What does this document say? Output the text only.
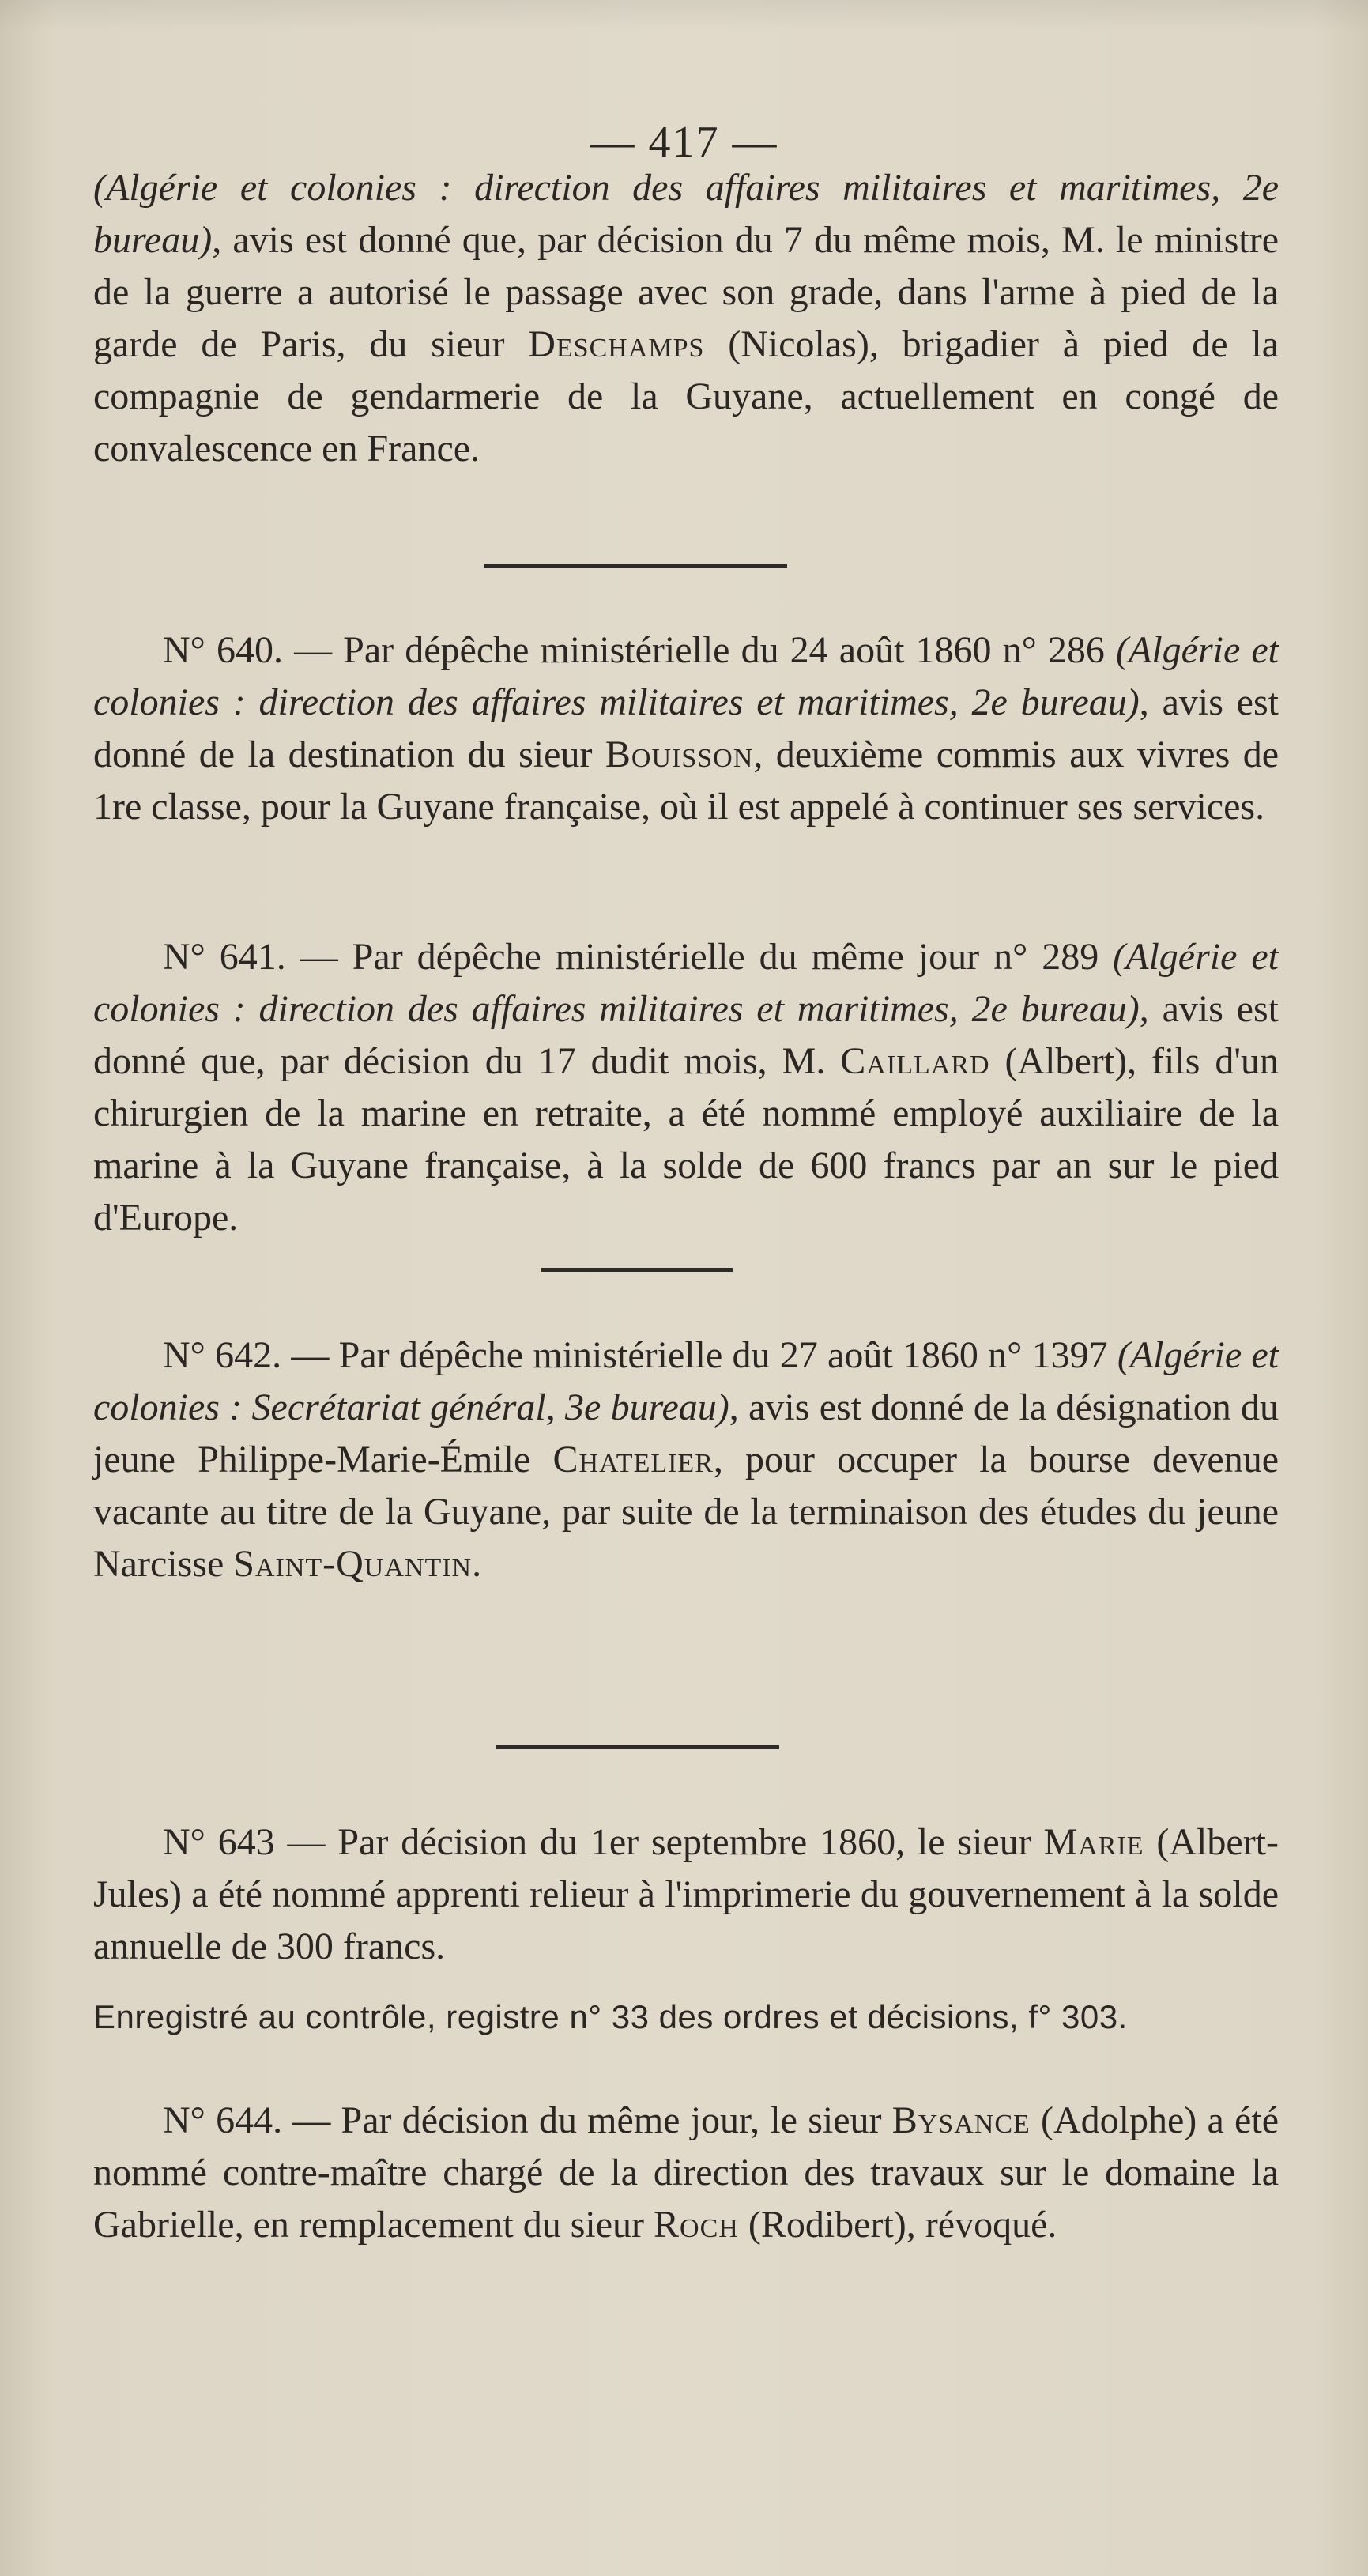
— 417 —

(Algérie et colonies : direction des affaires militaires et maritimes, 2e bureau), avis est donné que, par décision du 7 du même mois, M. le ministre de la guerre a autorisé le passage avec son grade, dans l'arme à pied de la garde de Paris, du sieur Deschamps (Nicolas), brigadier à pied de la compagnie de gendarmerie de la Guyane, actuellement en congé de convalescence en France.

N° 640. — Par dépêche ministérielle du 24 août 1860 n° 286 (Algérie et colonies : direction des affaires militaires et maritimes, 2e bureau), avis est donné de la destination du sieur Bouisson, deuxième commis aux vivres de 1re classe, pour la Guyane française, où il est appelé à continuer ses services.

N° 641. — Par dépêche ministérielle du même jour n° 289 (Algérie et colonies : direction des affaires militaires et maritimes, 2e bureau), avis est donné que, par décision du 17 dudit mois, M. Caillard (Albert), fils d'un chirurgien de la marine en retraite, a été nommé employé auxiliaire de la marine à la Guyane française, à la solde de 600 francs par an sur le pied d'Europe.

N° 642. — Par dépêche ministérielle du 27 août 1860 n° 1397 (Algérie et colonies : Secrétariat général, 3e bureau), avis est donné de la désignation du jeune Philippe-Marie-Émile Chatelier, pour occuper la bourse devenue vacante au titre de la Guyane, par suite de la terminaison des études du jeune Narcisse Saint-Quantin.

N° 643 — Par décision du 1er septembre 1860, le sieur Marie (Albert-Jules) a été nommé apprenti relieur à l'imprimerie du gouvernement à la solde annuelle de 300 francs.

Enregistré au contrôle, registre n° 33 des ordres et décisions, f° 303.

N° 644. — Par décision du même jour, le sieur Bysance (Adolphe) a été nommé contre-maître chargé de la direction des travaux sur le domaine la Gabrielle, en remplacement du sieur Roch (Rodibert), révoqué.
